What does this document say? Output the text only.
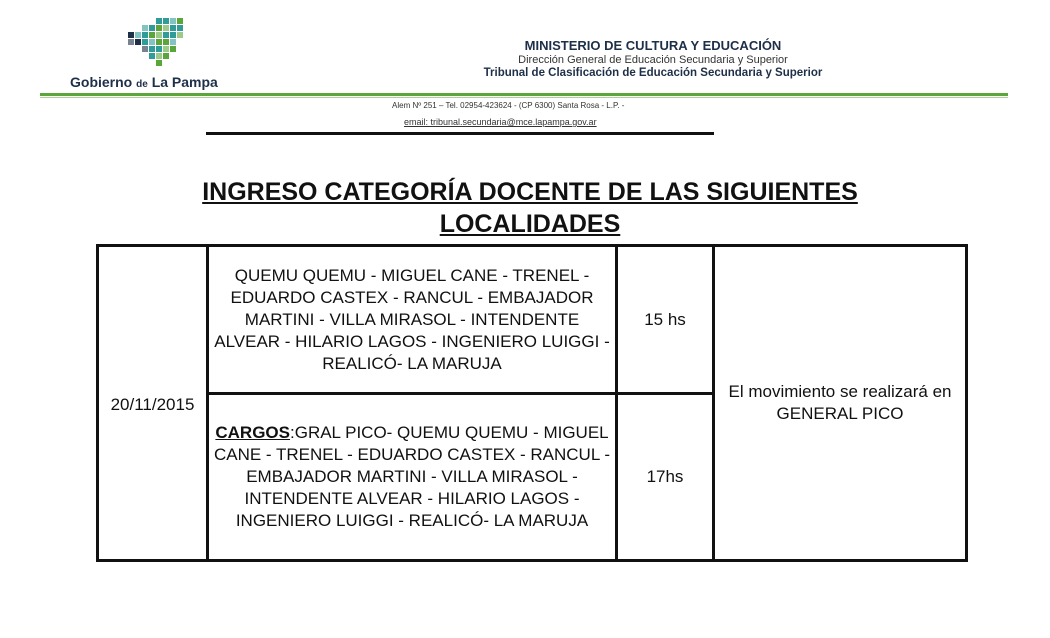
Gobierno de La Pampa
MINISTERIO DE CULTURA Y EDUCACIÓN
Dirección General de Educación Secundaria y Superior
Tribunal de Clasificación de Educación Secundaria y Superior
Alem Nº 251 – Tel. 02954-423624 - (CP 6300) Santa Rosa - L.P. -
email: tribunal.secundaria@mce.lapampa.gov.ar
INGRESO CATEGORÍA DOCENTE DE LAS SIGUIENTES LOCALIDADES
20/11/2015	QUEMU QUEMU - MIGUEL CANE - TRENEL - EDUARDO CASTEX - RANCUL - EMBAJADOR MARTINI - VILLA MIRASOL - INTENDENTE ALVEAR - HILARIO LAGOS - INGENIERO LUIGGI - REALICÓ- LA MARUJA	15 hs	El movimiento se realizará en GENERAL PICO
	CARGOS:GRAL PICO- QUEMU QUEMU - MIGUEL CANE - TRENEL - EDUARDO CASTEX - RANCUL - EMBAJADOR MARTINI - VILLA MIRASOL - INTENDENTE ALVEAR - HILARIO LAGOS - INGENIERO LUIGGI - REALICÓ- LA MARUJA	17hs	
